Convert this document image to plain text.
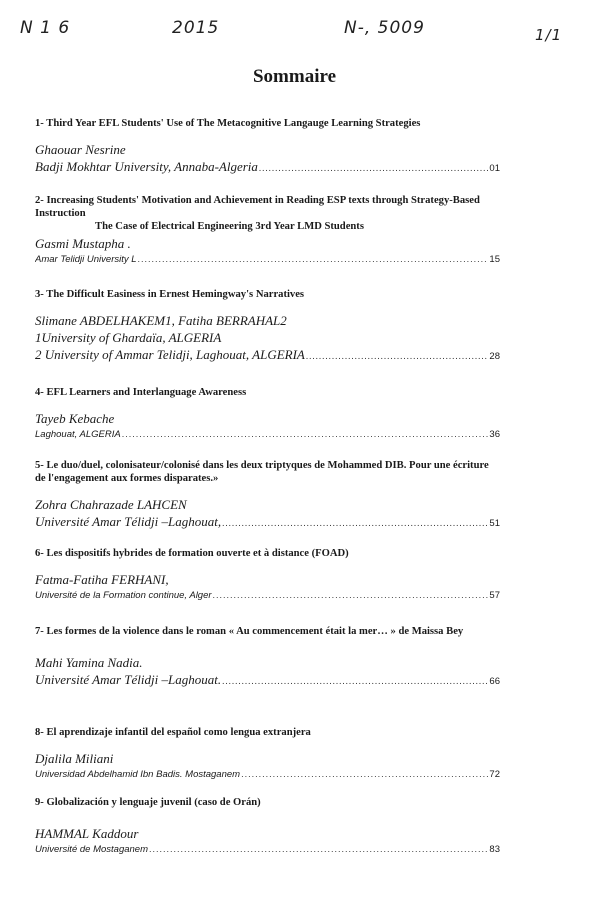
N 1 6	2015	N-, 5009	1/1
Sommaire
1- Third Year EFL Students' Use of The Metacognitive Langauge Learning Strategies
Ghaouar Nesrine
Badji Mokhtar University, Annaba-Algeria .....	01
2- Increasing Students' Motivation and Achievement in Reading ESP texts through Strategy-Based Instruction
The Case of Electrical Engineering 3rd Year LMD Students
Gasmi Mustapha .
Amar Telidji University L .....	15
3- The Difficult Easiness in Ernest Hemingway's Narratives
Slimane ABDELHAKEM1, Fatiha BERRAHAL2
1University of Ghardaïa, ALGERIA
2 University of Ammar Telidji, Laghouat, ALGERIA .....	28
4- EFL Learners and Interlanguage Awareness
Tayeb Kebache
Laghouat, ALGERIA .....	36
5- Le duo/duel, colonisateur/colonisé dans les deux triptyques de Mohammed DIB. Pour une écriture de l'engagement aux formes disparates.»
Zohra Chahrazade LAHCEN
Université Amar Télidji –Laghouat, .....	51
6- Les dispositifs hybrides de formation ouverte et à distance (FOAD)
Fatma-Fatiha FERHANI,
Université de la Formation continue, Alger .....	57
7- Les formes de la violence dans le roman « Au commencement était la mer… » de Maissa Bey
Mahi Yamina Nadia.
Université Amar Télidji –Laghouat. .....	66
8- El aprendizaje infantil del español como lengua extranjera
Djalila Miliani
Universidad Abdelhamid Ibn Badis. Mostaganem .....	72
9- Globalización y lenguaje juvenil (caso de Orán)
HAMMAL Kaddour
Université de Mostaganem .....	83
